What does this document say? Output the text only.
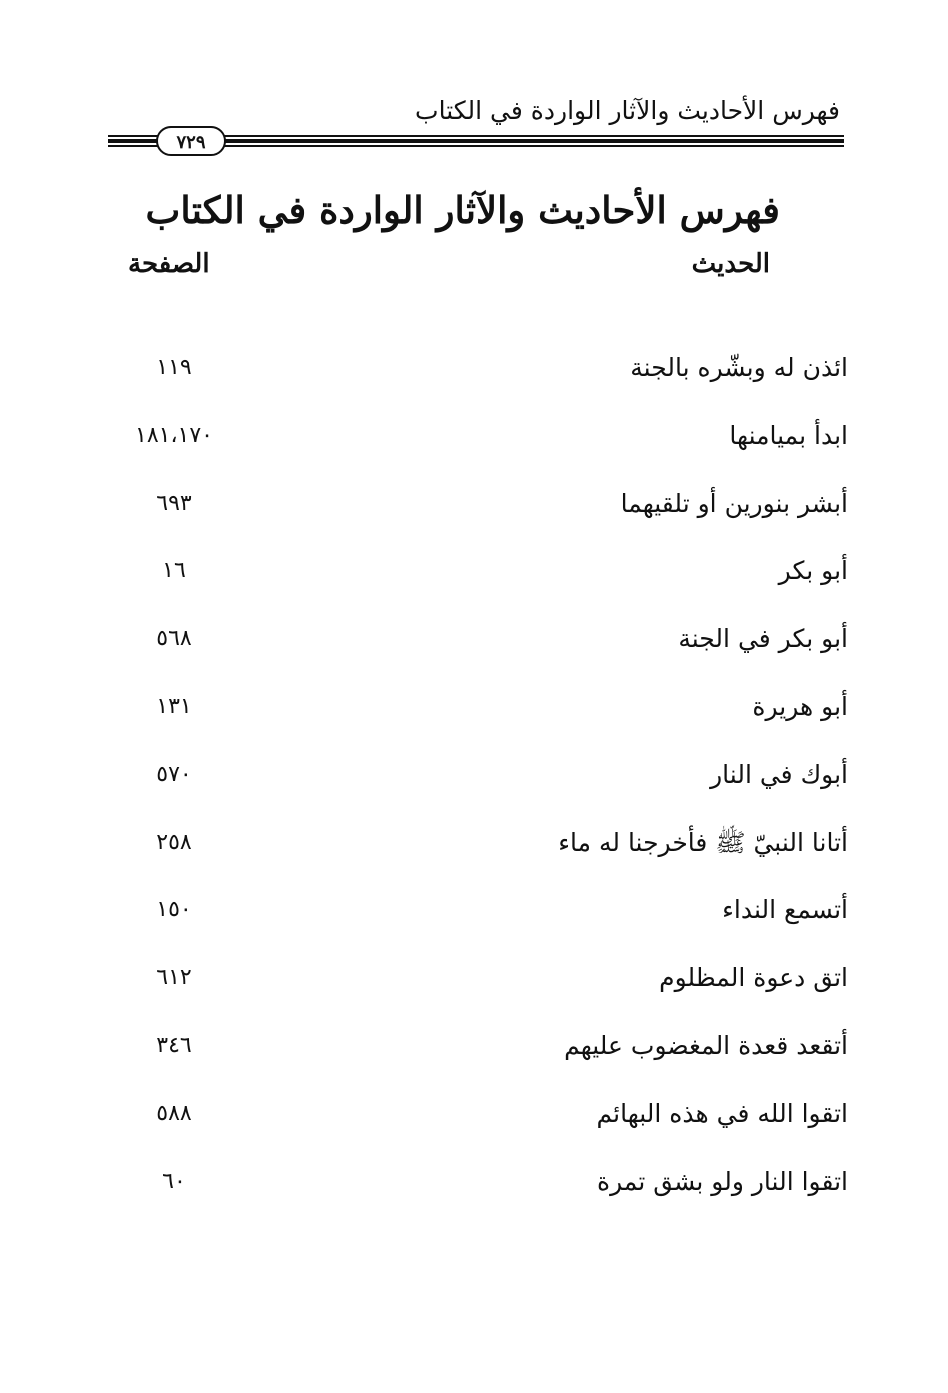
فهرس الأحاديث والآثار الواردة في الكتاب
٧٢٩
فهرس الأحاديث والآثار الواردة في الكتاب
الحديث
الصفحة
ائذن له وبشّره بالجنة
١١٩
ابدأ بميامنها
١٨١،١٧٠
أبشر بنورين أو تلقيهما
٦٩٣
أبو بكر
١٦
أبو بكر في الجنة
٥٦٨
أبو هريرة
١٣١
أبوك في النار
٥٧٠
أتانا النبيّ ﷺ فأخرجنا له ماء
٢٥٨
أتسمع النداء
١٥٠
اتق دعوة المظلوم
٦١٢
أتقعد قعدة المغضوب عليهم
٣٤٦
اتقوا الله في هذه البهائم
٥٨٨
اتقوا النار ولو بشق تمرة
٦٠
